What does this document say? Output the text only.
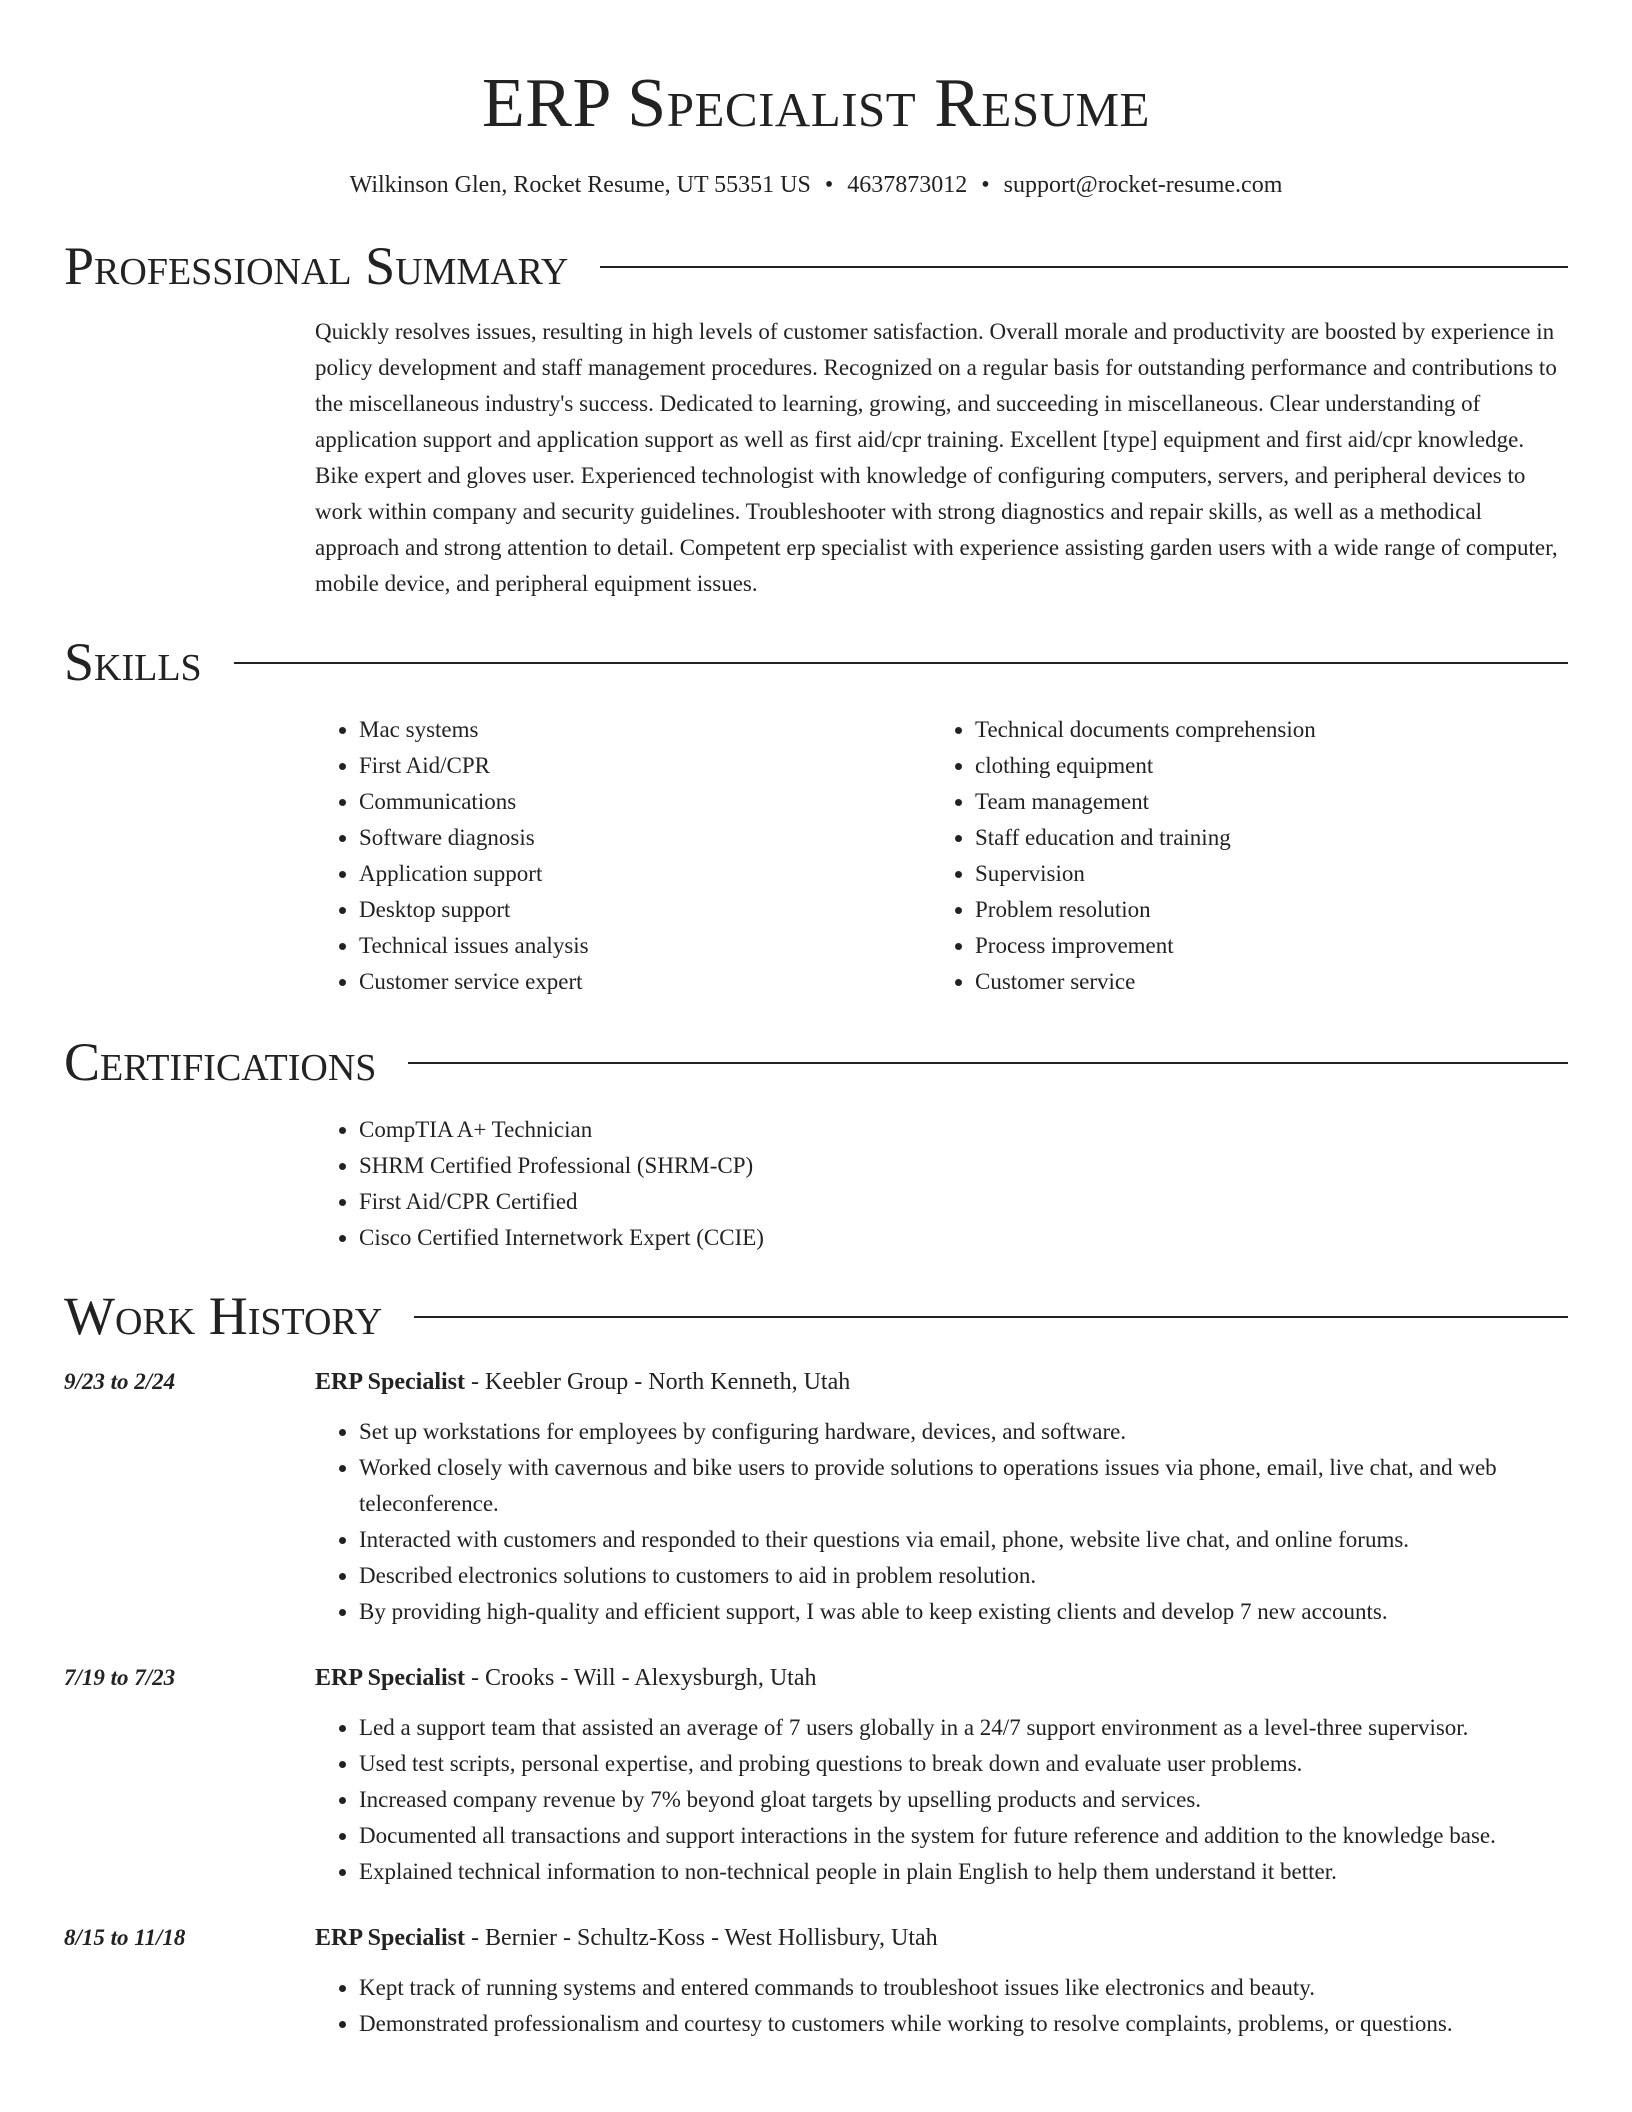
ERP Specialist Resume
Wilkinson Glen, Rocket Resume, UT 55351 US • 4637873012 • support@rocket-resume.com
Professional Summary
Quickly resolves issues, resulting in high levels of customer satisfaction. Overall morale and productivity are boosted by experience in policy development and staff management procedures. Recognized on a regular basis for outstanding performance and contributions to the miscellaneous industry's success. Dedicated to learning, growing, and succeeding in miscellaneous. Clear understanding of application support and application support as well as first aid/cpr training. Excellent [type] equipment and first aid/cpr knowledge. Bike expert and gloves user. Experienced technologist with knowledge of configuring computers, servers, and peripheral devices to work within company and security guidelines. Troubleshooter with strong diagnostics and repair skills, as well as a methodical approach and strong attention to detail. Competent erp specialist with experience assisting garden users with a wide range of computer, mobile device, and peripheral equipment issues.
Skills
• Mac systems
• First Aid/CPR
• Communications
• Software diagnosis
• Application support
• Desktop support
• Technical issues analysis
• Customer service expert
• Technical documents comprehension
• clothing equipment
• Team management
• Staff education and training
• Supervision
• Problem resolution
• Process improvement
• Customer service
Certifications
• CompTIA A+ Technician
• SHRM Certified Professional (SHRM-CP)
• First Aid/CPR Certified
• Cisco Certified Internetwork Expert (CCIE)
Work History
9/23 to 2/24	ERP Specialist - Keebler Group - North Kenneth, Utah
• Set up workstations for employees by configuring hardware, devices, and software.
• Worked closely with cavernous and bike users to provide solutions to operations issues via phone, email, live chat, and web teleconference.
• Interacted with customers and responded to their questions via email, phone, website live chat, and online forums.
• Described electronics solutions to customers to aid in problem resolution.
• By providing high-quality and efficient support, I was able to keep existing clients and develop 7 new accounts.
7/19 to 7/23	ERP Specialist - Crooks - Will - Alexysburgh, Utah
• Led a support team that assisted an average of 7 users globally in a 24/7 support environment as a level-three supervisor.
• Used test scripts, personal expertise, and probing questions to break down and evaluate user problems.
• Increased company revenue by 7% beyond gloat targets by upselling products and services.
• Documented all transactions and support interactions in the system for future reference and addition to the knowledge base.
• Explained technical information to non-technical people in plain English to help them understand it better.
8/15 to 11/18	ERP Specialist - Bernier - Schultz-Koss - West Hollisbury, Utah
• Kept track of running systems and entered commands to troubleshoot issues like electronics and beauty.
• Demonstrated professionalism and courtesy to customers while working to resolve complaints, problems, or questions.
